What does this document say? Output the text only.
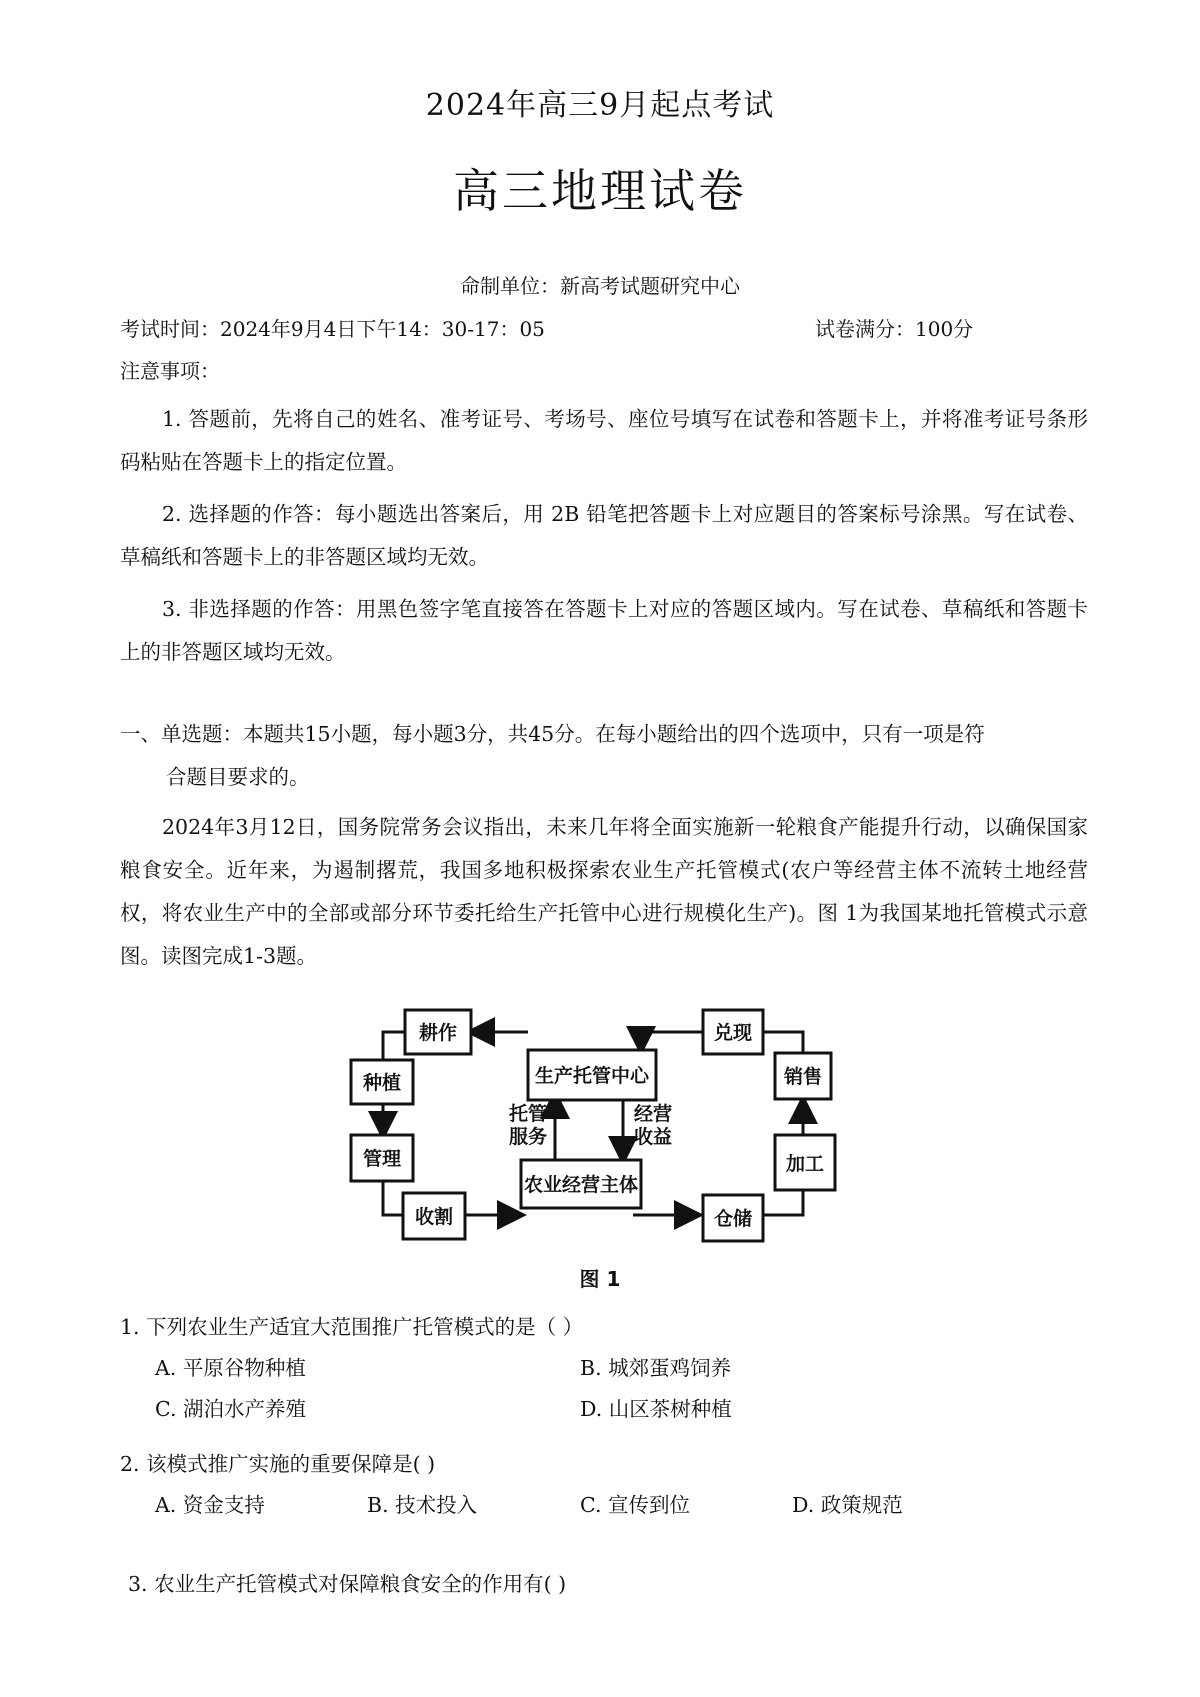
2024年高三9月起点考试
高三地理试卷
命制单位：新高考试题研究中心
考试时间：2024年9月4日下午14：30-17：05	试卷满分：100分
注意事项：
1. 答题前，先将自己的姓名、准考证号、考场号、座位号填写在试卷和答题卡上，并将准考证号条形码粘贴在答题卡上的指定位置。
2. 选择题的作答：每小题选出答案后，用 2B 铅笔把答题卡上对应题目的答案标号涂黑。写在试卷、草稿纸和答题卡上的非答题区域均无效。
3. 非选择题的作答：用黑色签字笔直接答在答题卡上对应的答题区域内。写在试卷、草稿纸和答题卡上的非答题区域均无效。
一、单选题：本题共15小题，每小题3分，共45分。在每小题给出的四个选项中，只有一项是符
合题目要求的。
2024年3月12日，国务院常务会议指出，未来几年将全面实施新一轮粮食产能提升行动，以确保国家粮食安全。近年来，为遏制撂荒，我国多地积极探索农业生产托管模式(农户等经营主体不流转土地经营权，将农业生产中的全部或部分环节委托给生产托管中心进行规模化生产)。图 1为我国某地托管模式示意图。读图完成1-3题。
耕作
种植
管理
收割
生产托管中心
农业经营主体
兑现
销售
加工
仓储
托管
服务
经营
收益
图 1
1. 下列农业生产适宜大范围推广托管模式的是（ ）
A. 平原谷物种植	B. 城郊蛋鸡饲养
C. 湖泊水产养殖	D. 山区茶树种植
2. 该模式推广实施的重要保障是( )
A. 资金支持	B. 技术投入	C. 宣传到位	D. 政策规范
3. 农业生产托管模式对保障粮食安全的作用有( )
